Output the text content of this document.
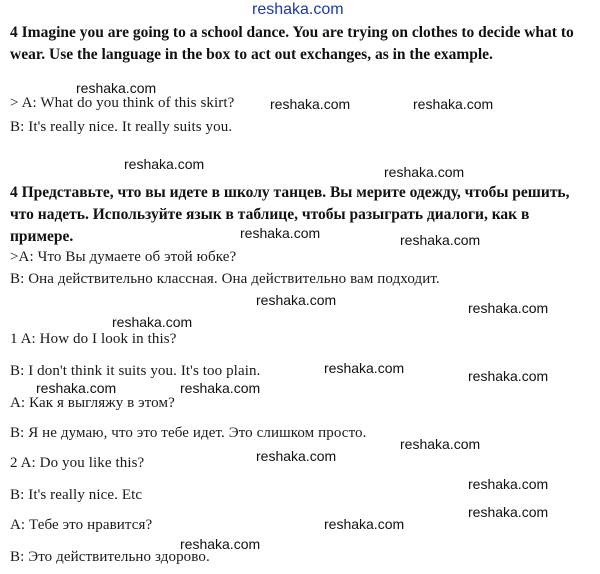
reshaka.com
4 Imagine you are going to a school dance. You are trying on clothes to decide what to wear. Use the language in the box to act out exchanges, as in the example.
reshaka.com
> A: What do you think of this skirt?	reshaka.com	reshaka.com
B: It's really nice. It really suits you.
reshaka.com	reshaka.com
4 Представьте, что вы идете в школу танцев. Вы мерите одежду, чтобы решить, что надеть. Используйте язык в таблице, чтобы разыграть диалоги, как в примере.	reshaka.com	reshaka.com
>A: Что Вы думаете об этой юбке?
B: Она действительно классная. Она действительно вам подходит.
reshaka.com	reshaka.com
reshaka.com
1 A: How do I look in this?
B: I don't think it suits you. It's too plain.	reshaka.com	reshaka.com
reshaka.com	reshaka.com
A: Как я выгляжу в этом?
B: Я не думаю, что это тебе идет. Это слишком просто.
reshaka.com
reshaka.com
2 A: Do you like this?
reshaka.com
B: It's really nice. Etc
A: Тебе это нравится?	reshaka.com
reshaka.com
reshaka.com
B: Это действительно здорово.
